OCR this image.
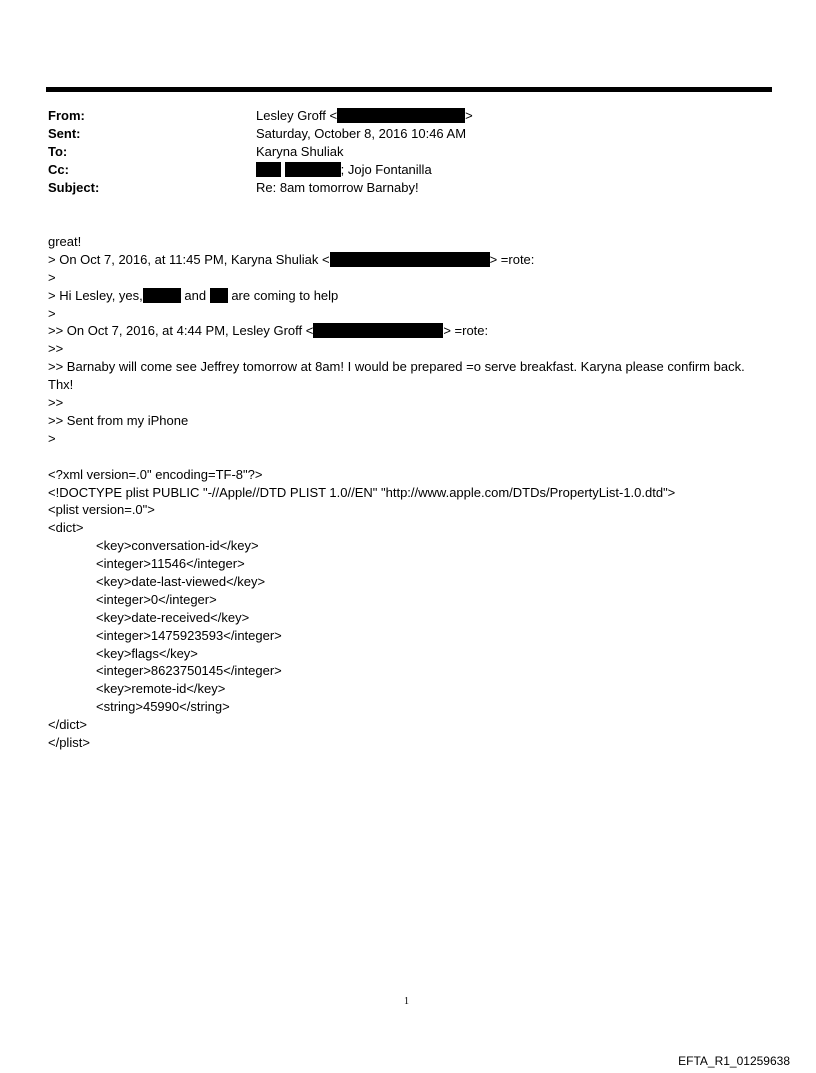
From:	Lesley Groff <	>
Sent:	Saturday, October 8, 2016 10:46 AM
To:	Karyna Shuliak
Cc:	; Jojo Fontanilla
Subject:	Re: 8am tomorrow Barnaby!
great!
> On Oct 7, 2016, at 11:45 PM, Karyna Shuliak <	> =rote:
>
> Hi Lesley, yes,	and  are coming to help
>
>> On Oct 7, 2016, at 4:44 PM, Lesley Groff <	> =rote:
>>
>> Barnaby will come see Jeffrey tomorrow at 8am! I would be prepared =o serve breakfast. Karyna please confirm back. Thx!
>>
>> Sent from my iPhone
>
<?xml version=.0" encoding=TF-8"?>
<!DOCTYPE plist PUBLIC "-//Apple//DTD PLIST 1.0//EN" "http://www.apple.com/DTDs/PropertyList-1.0.dtd">
<plist version=.0">
<dict>
<key>conversation-id</key>
<integer>11546</integer>
<key>date-last-viewed</key>
<integer>0</integer>
<key>date-received</key>
<integer>1475923593</integer>
<key>flags</key>
<integer>8623750145</integer>
<key>remote-id</key>
<string>45990</string>
</dict>
</plist>
1
EFTA_R1_01259638
